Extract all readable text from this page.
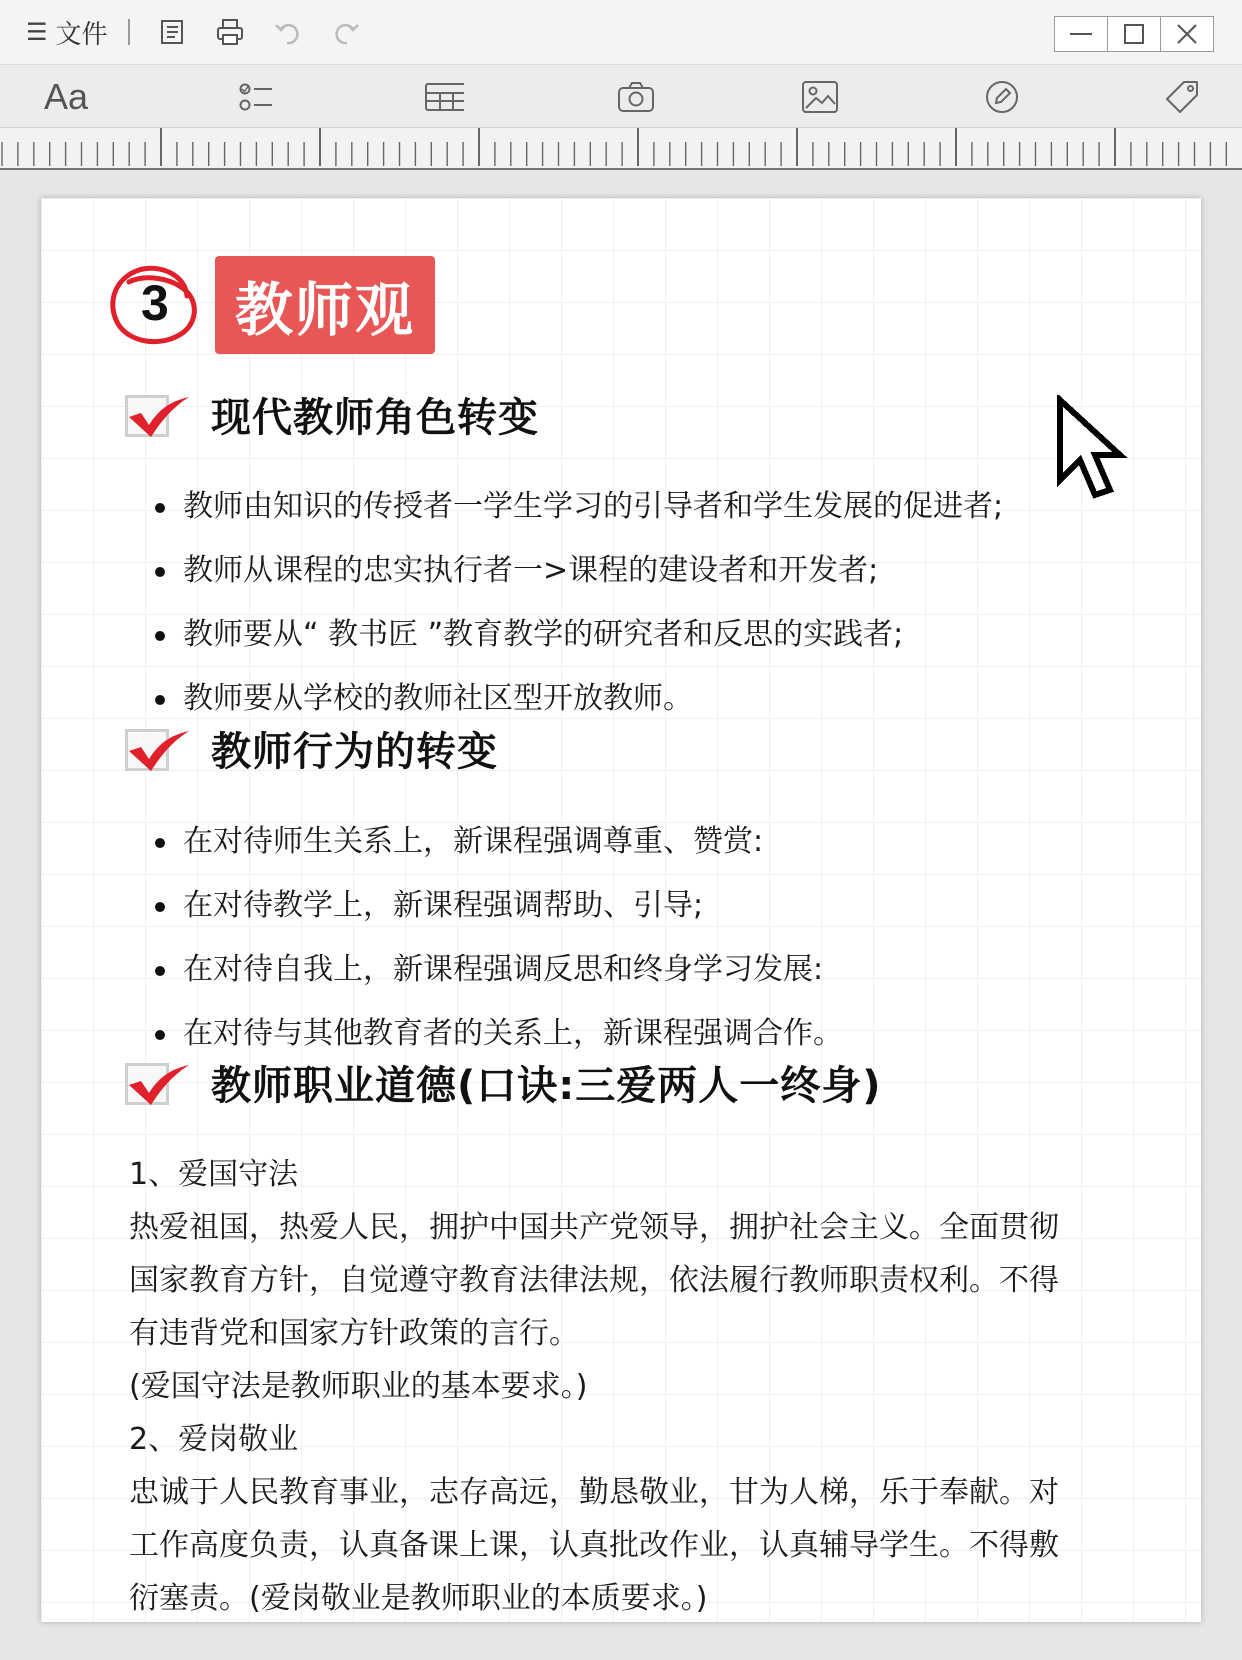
☰ 文件
Aa
3 教师观
现代教师角色转变
教师由知识的传授者一学生学习的引导者和学生发展的促进者;
教师从课程的忠实执行者一>课程的建设者和开发者;
教师要从“ 教书匠 ”教育教学的研究者和反思的实践者;
教师要从学校的教师社区型开放教师。
教师行为的转变
在对待师生关系上，新课程强调尊重、赞赏:
在对待教学上，新课程强调帮助、引导;
在对待自我上，新课程强调反思和终身学习发展:
在对待与其他教育者的关系上，新课程强调合作。
教师职业道德(口诀:三爱两人一终身)

1、爱国守法

热爱祖国，热爱人民，拥护中国共产党领导，拥护社会主义。全面贯彻

国家教育方针，自觉遵守教育法律法规，依法履行教师职责权利。不得

有违背党和国家方针政策的言行。

(爱国守法是教师职业的基本要求。)

2、爱岗敬业

忠诚于人民教育事业，志存高远，勤恳敬业，甘为人梯，乐于奉献。对

工作高度负责，认真备课上课，认真批改作业，认真辅导学生。不得敷

衍塞责。(爱岗敬业是教师职业的本质要求。)
